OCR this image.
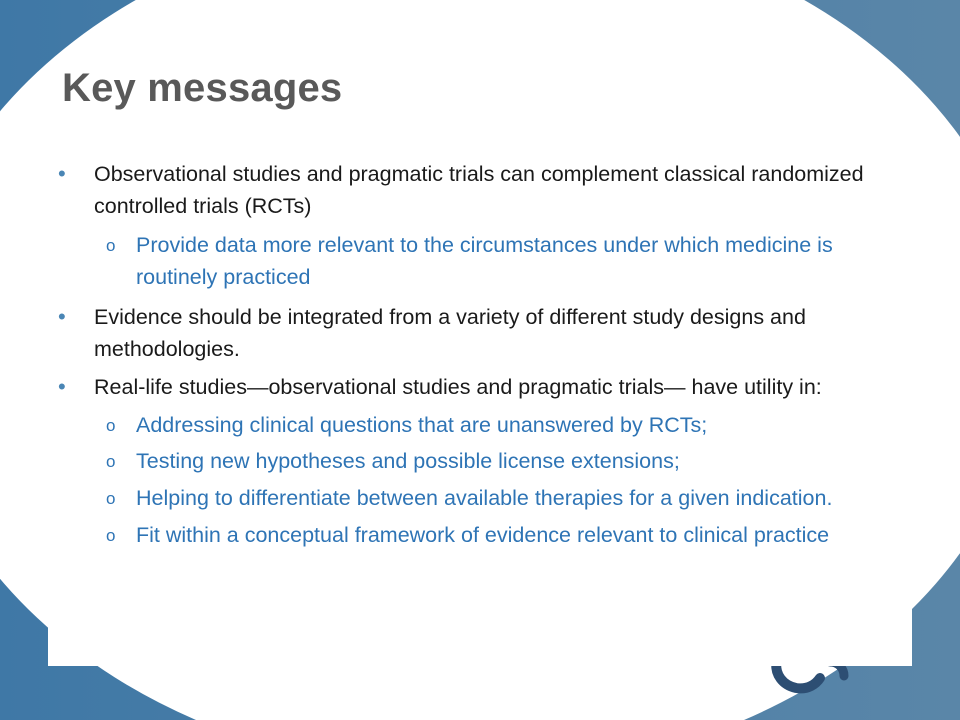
Key messages
• Observational studies and pragmatic trials can complement classical randomized controlled trials (RCTs)
o Provide data more relevant to the circumstances under which medicine is routinely practiced
• Evidence should be integrated from a variety of different study designs and methodologies.
• Real-life studies—observational studies and pragmatic trials— have utility in:
o Addressing clinical questions that are unanswered by RCTs;
o Testing new hypotheses and possible license extensions;
o Helping to differentiate between available therapies for a given indication.
o Fit within a conceptual framework of evidence relevant to clinical practice
